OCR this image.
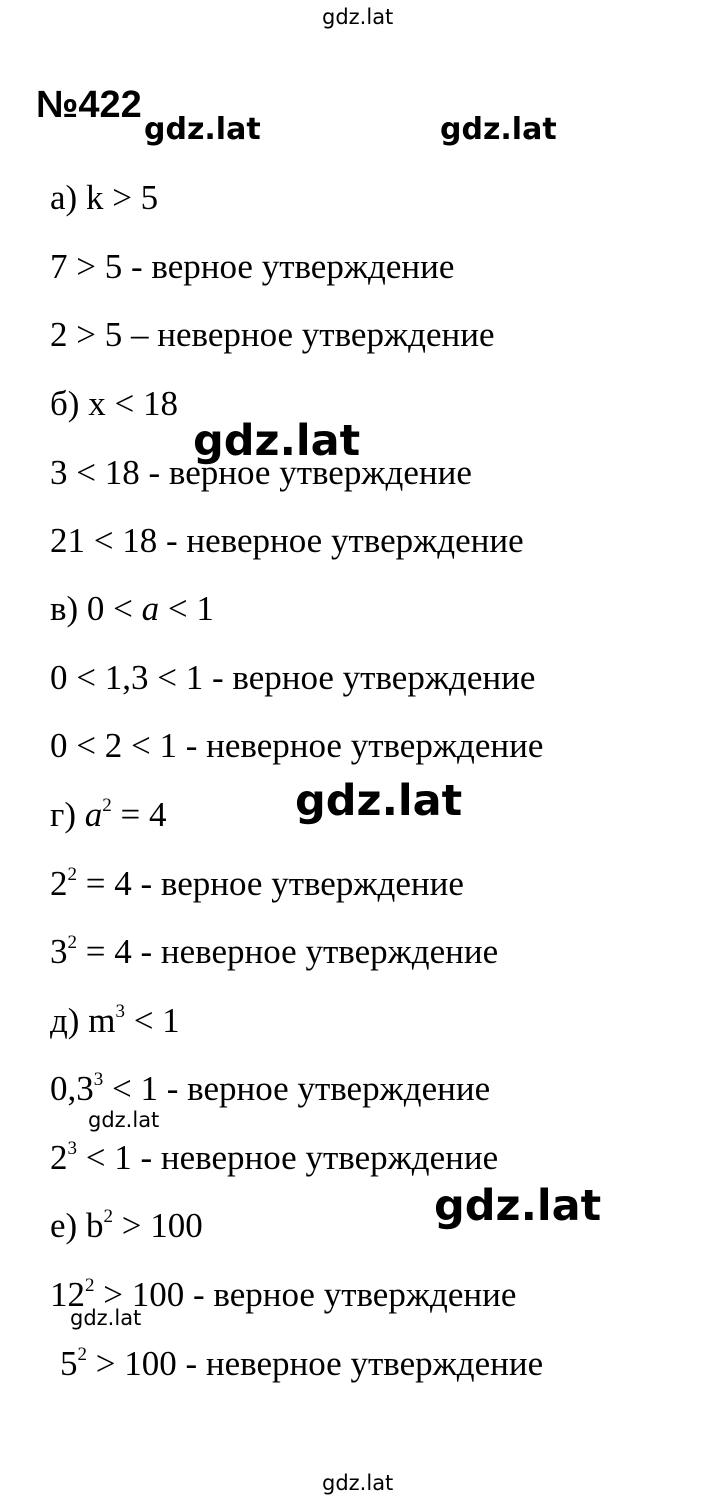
gdz.lat
gdz.lat	gdz.lat
gdz.lat
gdz.lat
gdz.lat
gdz.lat
gdz.lat
gdz.lat
№422
а) k > 5
7 > 5 - верное утверждение
2 > 5 – неверное утверждение
б) x < 18
3 < 18 - верное утверждение
21 < 18 - неверное утверждение
в) 0 < a < 1
0 < 1,3 < 1 - верное утверждение
0 < 2 < 1 - неверное утверждение
г) $a^2 = 4$
$2^2 = 4$ - верное утверждение
$3^2 = 4$ - неверное утверждение
д) $m^3 < 1$
$0,3^3 < 1$ - верное утверждение
$2^3 < 1$ - неверное утверждение
е) $b^2 > 100$
$12^2 > 100$ - верное утверждение
$5^2 > 100$ - неверное утверждение
